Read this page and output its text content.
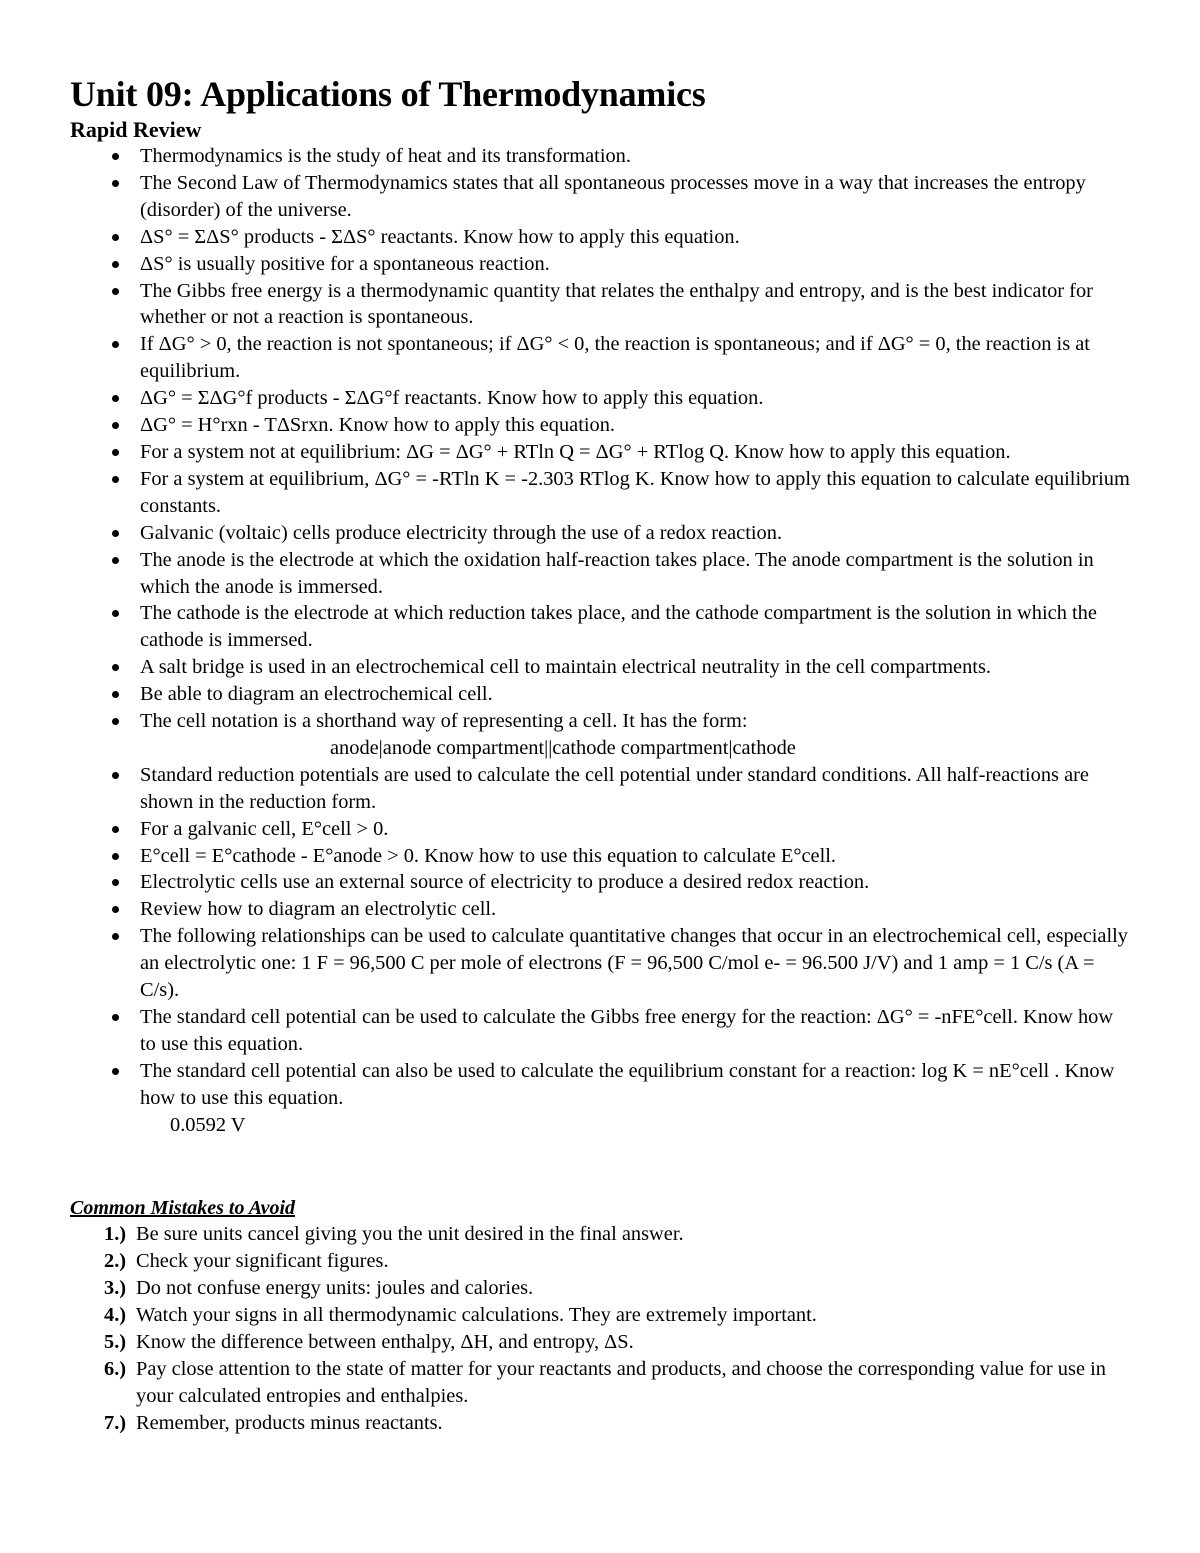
Unit 09: Applications of Thermodynamics
Rapid Review
Thermodynamics is the study of heat and its transformation.
The Second Law of Thermodynamics states that all spontaneous processes move in a way that increases the entropy (disorder) of the universe.
ΔS° = ΣΔS° products - ΣΔS° reactants. Know how to apply this equation.
ΔS° is usually positive for a spontaneous reaction.
The Gibbs free energy is a thermodynamic quantity that relates the enthalpy and entropy, and is the best indicator for whether or not a reaction is spontaneous.
If ΔG° > 0, the reaction is not spontaneous; if ΔG° < 0, the reaction is spontaneous; and if ΔG° = 0, the reaction is at equilibrium.
ΔG° = ΣΔG°f products - ΣΔG°f reactants. Know how to apply this equation.
ΔG° = H°rxn - TΔSrxn. Know how to apply this equation.
For a system not at equilibrium: ΔG = ΔG° + RTln Q = ΔG° + RTlog Q. Know how to apply this equation.
For a system at equilibrium, ΔG° = -RTln K = -2.303 RTlog K. Know how to apply this equation to calculate equilibrium constants.
Galvanic (voltaic) cells produce electricity through the use of a redox reaction.
The anode is the electrode at which the oxidation half-reaction takes place. The anode compartment is the solution in which the anode is immersed.
The cathode is the electrode at which reduction takes place, and the cathode compartment is the solution in which the cathode is immersed.
A salt bridge is used in an electrochemical cell to maintain electrical neutrality in the cell compartments.
Be able to diagram an electrochemical cell.
The cell notation is a shorthand way of representing a cell. It has the form:
anode|anode compartment||cathode compartment|cathode
Standard reduction potentials are used to calculate the cell potential under standard conditions. All half-reactions are shown in the reduction form.
For a galvanic cell, E°cell > 0.
E°cell = E°cathode - E°anode > 0. Know how to use this equation to calculate E°cell.
Electrolytic cells use an external source of electricity to produce a desired redox reaction.
Review how to diagram an electrolytic cell.
The following relationships can be used to calculate quantitative changes that occur in an electrochemical cell, especially an electrolytic one: 1 F = 96,500 C per mole of electrons (F = 96,500 C/mol e- = 96.500 J/V) and 1 amp = 1 C/s (A = C/s).
The standard cell potential can be used to calculate the Gibbs free energy for the reaction: ΔG° = -nFE°cell. Know how to use this equation.
The standard cell potential can also be used to calculate the equilibrium constant for a reaction: log K = nE°cell . Know how to use this equation.
0.0592 V
Common Mistakes to Avoid
1.) Be sure units cancel giving you the unit desired in the final answer.
2.) Check your significant figures.
3.) Do not confuse energy units: joules and calories.
4.) Watch your signs in all thermodynamic calculations. They are extremely important.
5.) Know the difference between enthalpy, ΔH, and entropy, ΔS.
6.) Pay close attention to the state of matter for your reactants and products, and choose the corresponding value for use in your calculated entropies and enthalpies.
7.) Remember, products minus reactants.
